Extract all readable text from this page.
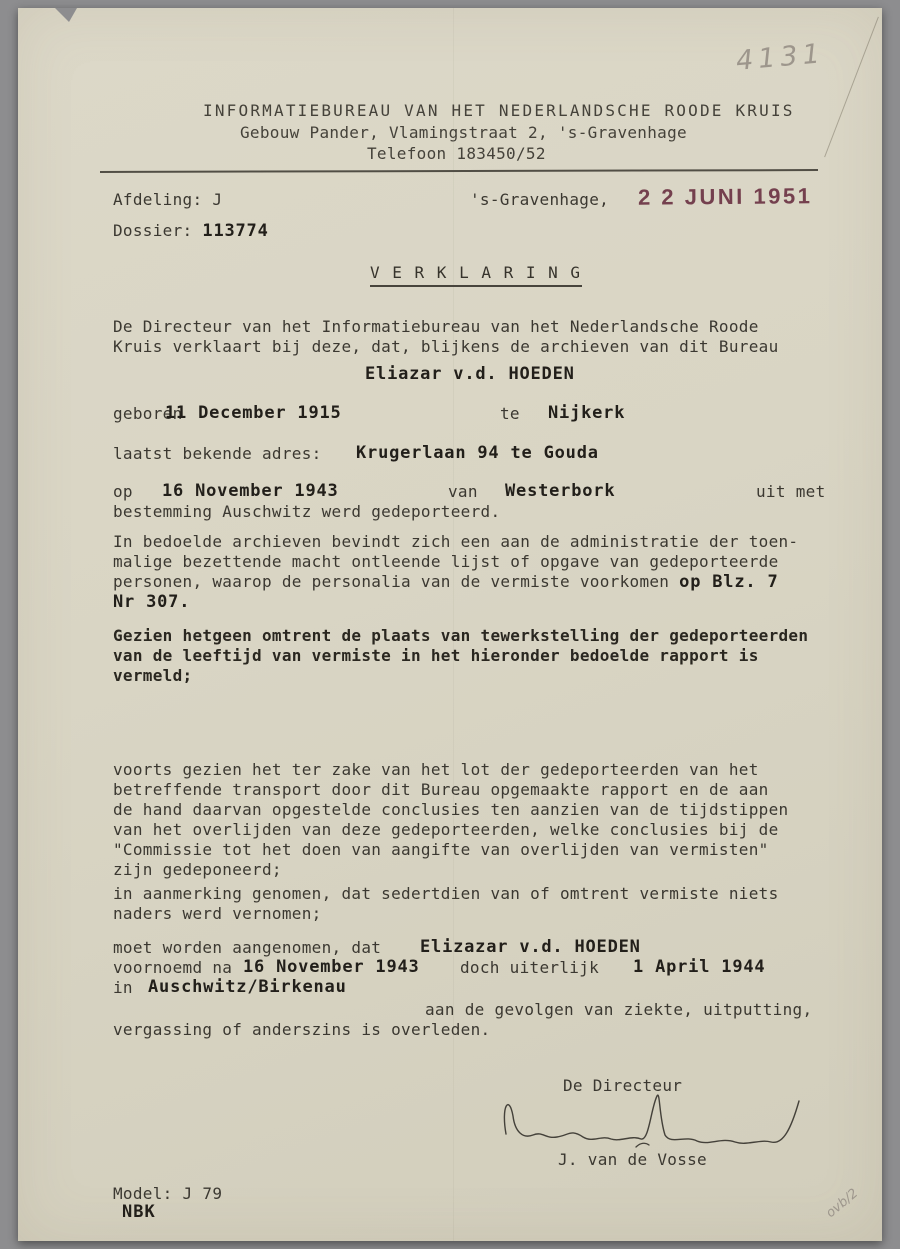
4131
ovb/2
INFORMATIEBUREAU VAN HET NEDERLANDSCHE ROODE KRUIS
Gebouw Pander, Vlamingstraat 2, 's-Gravenhage
Telefoon 183450/52
Afdeling: J	's-Gravenhage, 2 2 JUNI 1951
Dossier: 113774
V E R K L A R I N G
De Directeur van het Informatiebureau van het Nederlandsche Roode
Kruis verklaart bij deze, dat, blijkens de archieven van dit Bureau
Eliazar v.d. HOEDEN
geboren
11 December 1915	te Nijkerk
laatst bekende adres: Krugerlaan 94 te Gouda
op 16 November 1943	van Westerbork	uit met
bestemming Auschwitz werd gedeporteerd.
In bedoelde archieven bevindt zich een aan de administratie der toen-
malige bezettende macht ontleende lijst of opgave van gedeporteerde
personen, waarop de personalia van de vermiste voorkomen op Blz. 7
Nr 307.
Gezien hetgeen omtrent de plaats van tewerkstelling der gedeporteerden
van de leeftijd van vermiste in het hieronder bedoelde rapport is
vermeld;
voorts gezien het ter zake van het lot der gedeporteerden van het
betreffende transport door dit Bureau opgemaakte rapport en de aan
de hand daarvan opgestelde conclusies ten aanzien van de tijdstippen
van het overlijden van deze gedeporteerden, welke conclusies bij de
"Commissie tot het doen van aangifte van overlijden van vermisten"
zijn gedeponeerd;
in aanmerking genomen, dat sedertdien van of omtrent vermiste niets
naders werd vernomen;
moet worden aangenomen, dat Elizazar v.d. HOEDEN
voornoemd na 16 November 1943	doch uiterlijk 1 April 1944
in Auschwitz/Birkenau
aan de gevolgen van ziekte, uitputting,
vergassing of anderszins is overleden.
De Directeur
J. van de Vosse
Model: J 79
NBK
